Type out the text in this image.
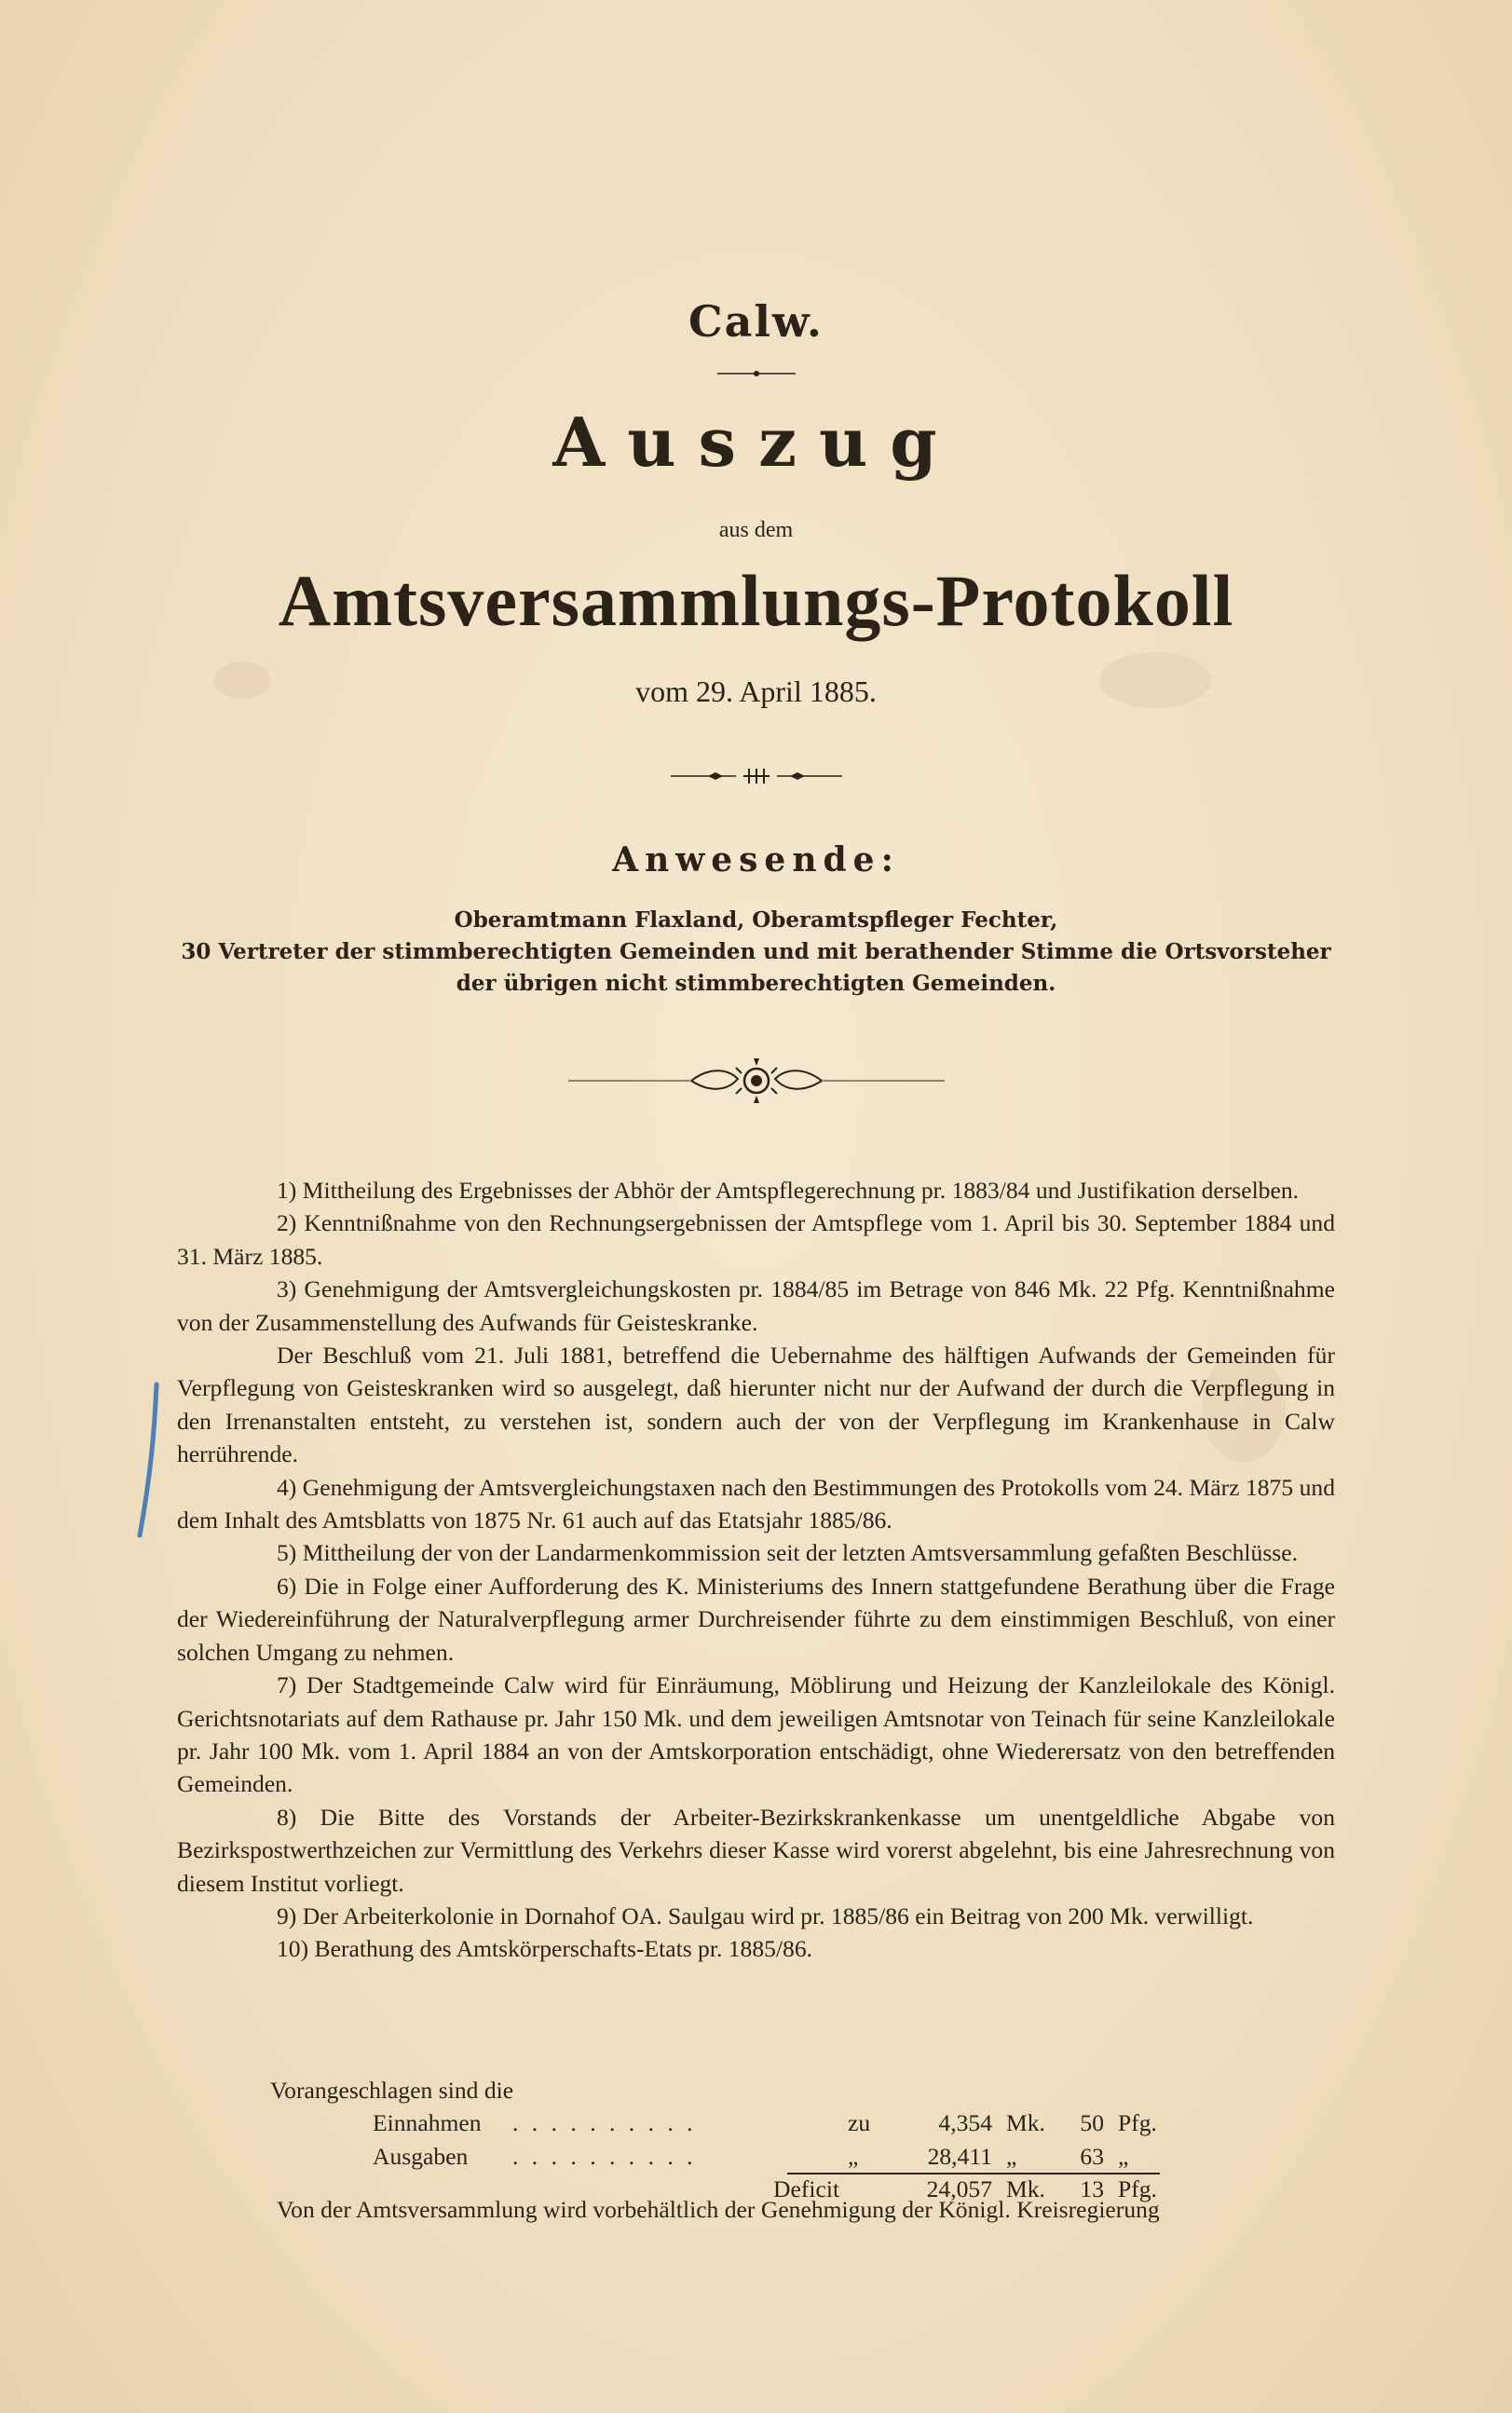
Calw.
Auszug
aus dem
Amtsversammlungs-Protokoll
vom 29. April 1885.
Anwesende:
Oberamtmann Flaxland, Oberamtspfleger Fechter,
30 Vertreter der stimmberechtigten Gemeinden und mit berathender Stimme die Ortsvorsteher
der übrigen nicht stimmberechtigten Gemeinden.

1) Mittheilung des Ergebnisses der Abhör der Amtspflegerechnung pr. 1883/84 und Justifikation derselben.

2) Kenntnißnahme von den Rechnungsergebnissen der Amtspflege vom 1. April bis 30. September 1884 und 31. März 1885.

3) Genehmigung der Amtsvergleichungskosten pr. 1884/85 im Betrage von 846 Mk. 22 Pfg. Kenntnißnahme von der Zusammenstellung des Aufwands für Geisteskranke.

Der Beschluß vom 21. Juli 1881, betreffend die Uebernahme des hälftigen Aufwands der Gemeinden für Verpflegung von Geisteskranken wird so ausgelegt, daß hierunter nicht nur der Aufwand der durch die Verpflegung in den Irrenanstalten entsteht, zu verstehen ist, sondern auch der von der Verpflegung im Krankenhause in Calw herrührende.

4) Genehmigung der Amtsvergleichungstaxen nach den Bestimmungen des Protokolls vom 24. März 1875 und dem Inhalt des Amtsblatts von 1875 Nr. 61 auch auf das Etatsjahr 1885/86.

5) Mittheilung der von der Landarmenkommission seit der letzten Amtsversammlung gefaßten Beschlüsse.

6) Die in Folge einer Aufforderung des K. Ministeriums des Innern stattgefundene Berathung über die Frage der Wiedereinführung der Naturalverpflegung armer Durchreisender führte zu dem einstimmigen Beschluß, von einer solchen Umgang zu nehmen.

7) Der Stadtgemeinde Calw wird für Einräumung, Möblirung und Heizung der Kanzleilokale des Königl. Gerichtsnotariats auf dem Rathause pr. Jahr 150 Mk. und dem jeweiligen Amtsnotar von Teinach für seine Kanzleilokale pr. Jahr 100 Mk. vom 1. April 1884 an von der Amtskorporation entschädigt, ohne Wiederersatz von den betreffenden Gemeinden.

8) Die Bitte des Vorstands der Arbeiter-Bezirkskrankenkasse um unentgeldliche Abgabe von Bezirkspostwerthzeichen zur Vermittlung des Verkehrs dieser Kasse wird vorerst abgelehnt, bis eine Jahresrechnung von diesem Institut vorliegt.

9) Der Arbeiterkolonie in Dornahof OA. Saulgau wird pr. 1885/86 ein Beitrag von 200 Mk. verwilligt.

10) Berathung des Amtskörperschafts-Etats pr. 1885/86.

Vorangeschlagen sind die
Einnahmen . . . . . . . . . .	zu	4,354 Mk.	50 Pfg.
Ausgaben . . . . . . . . . .	„	28,411 „	63 „
Deficit	24,057 Mk.	13 Pfg.
Von der Amtsversammlung wird vorbehältlich der Genehmigung der Königl. Kreisregierung
